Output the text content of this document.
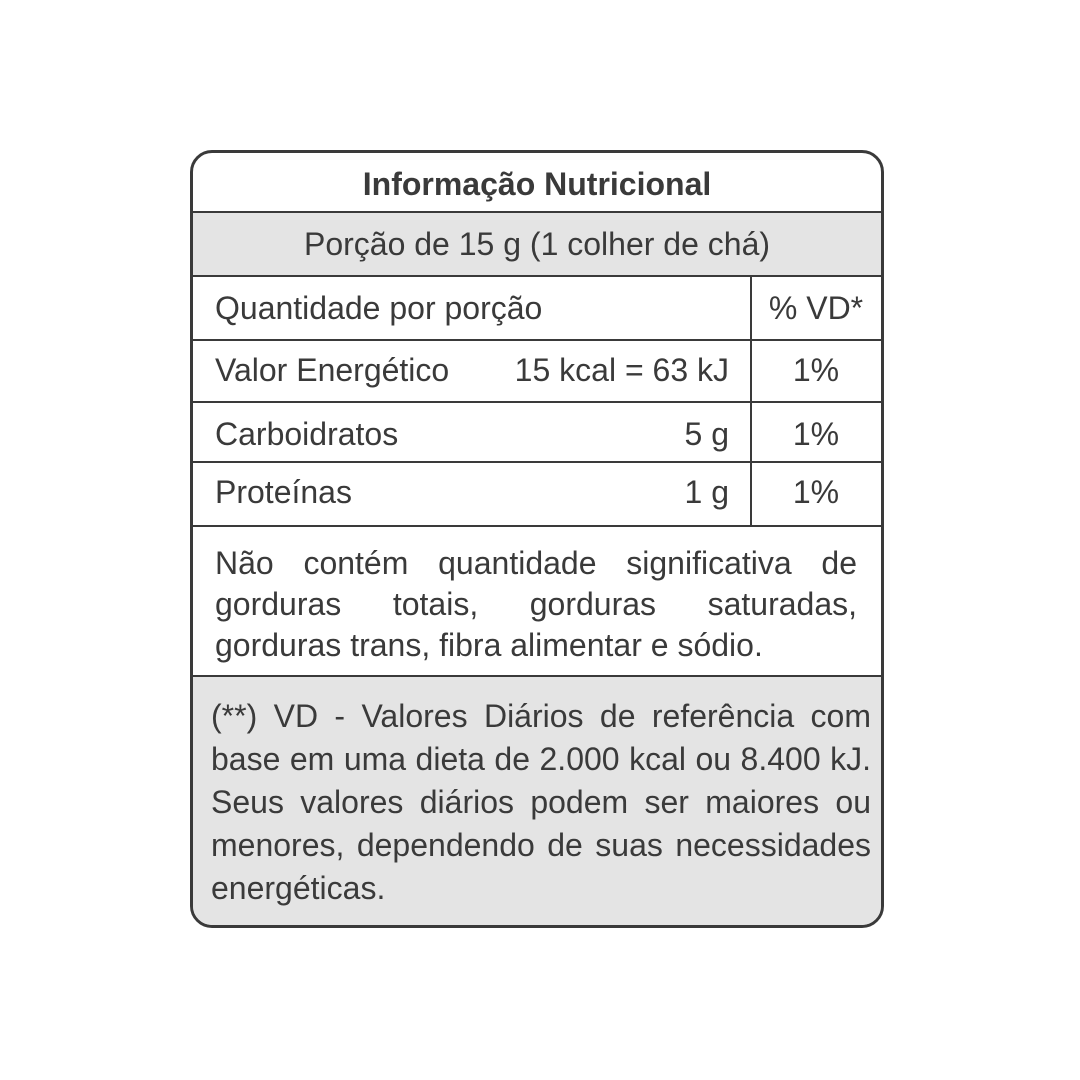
Informação Nutricional
Porção de 15 g (1 colher de chá)
Quantidade por porção	% VD*
Valor Energético 15 kcal = 63 kJ	1%
Carboidratos	5 g	1%
Proteínas	1 g	1%
Não contém quantidade significativa de gorduras totais, gorduras saturadas, gorduras trans, fibra alimentar e sódio.
(**) VD - Valores Diários de referência com base em uma dieta de 2.000 kcal ou 8.400 kJ. Seus valores diários podem ser maiores ou menores, dependendo de suas necessidades energéticas.
